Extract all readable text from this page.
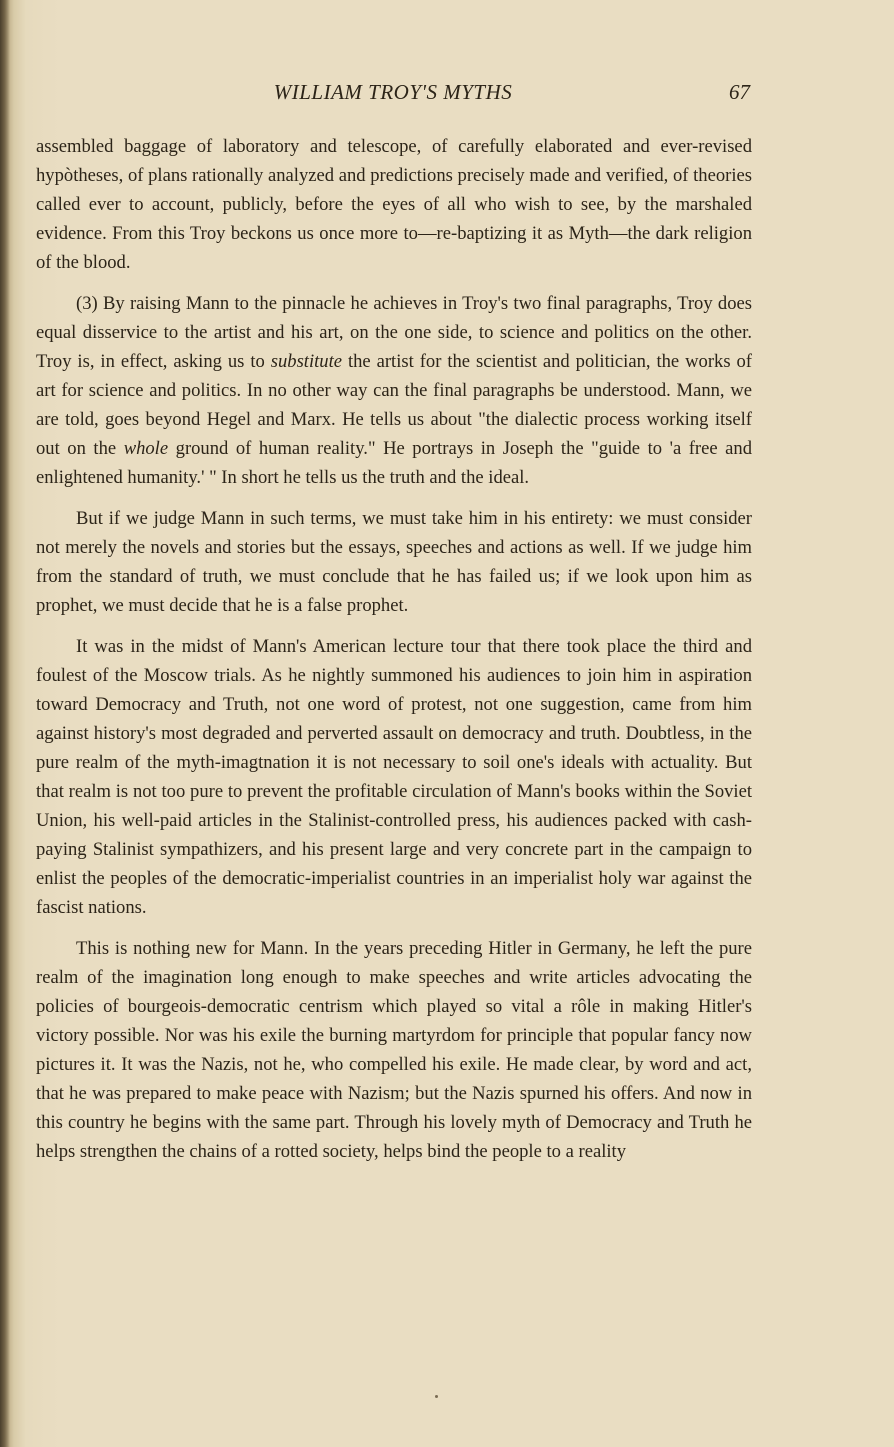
WILLIAM TROY'S MYTHS	67

assembled baggage of laboratory and telescope, of carefully elaborated and ever-revised hypòtheses, of plans rationally analyzed and predictions precisely made and verified, of theories called ever to account, publicly, before the eyes of all who wish to see, by the marshaled evidence. From this Troy beckons us once more to—re-baptizing it as Myth—the dark religion of the blood.

(3) By raising Mann to the pinnacle he achieves in Troy's two final paragraphs, Troy does equal disservice to the artist and his art, on the one side, to science and politics on the other. Troy is, in effect, asking us to substitute the artist for the scientist and politician, the works of art for science and politics. In no other way can the final paragraphs be understood. Mann, we are told, goes beyond Hegel and Marx. He tells us about "the dialectic process working itself out on the whole ground of human reality." He portrays in Joseph the "guide to 'a free and enlightened humanity.' " In short he tells us the truth and the ideal.

But if we judge Mann in such terms, we must take him in his entirety: we must consider not merely the novels and stories but the essays, speeches and actions as well. If we judge him from the standard of truth, we must conclude that he has failed us; if we look upon him as prophet, we must decide that he is a false prophet.

It was in the midst of Mann's American lecture tour that there took place the third and foulest of the Moscow trials. As he nightly summoned his audiences to join him in aspiration toward Democracy and Truth, not one word of protest, not one suggestion, came from him against history's most degraded and perverted assault on democracy and truth. Doubtless, in the pure realm of the myth-imagtnation it is not necessary to soil one's ideals with actuality. But that realm is not too pure to prevent the profitable circulation of Mann's books within the Soviet Union, his well-paid articles in the Stalinist-controlled press, his audiences packed with cash-paying Stalinist sympathizers, and his present large and very concrete part in the campaign to enlist the peoples of the democratic-imperialist countries in an imperialist holy war against the fascist nations.

This is nothing new for Mann. In the years preceding Hitler in Germany, he left the pure realm of the imagination long enough to make speeches and write articles advocating the policies of bourgeois-democratic centrism which played so vital a rôle in making Hitler's victory possible. Nor was his exile the burning martyrdom for principle that popular fancy now pictures it. It was the Nazis, not he, who compelled his exile. He made clear, by word and act, that he was prepared to make peace with Nazism; but the Nazis spurned his offers. And now in this country he begins with the same part. Through his lovely myth of Democracy and Truth he helps strengthen the chains of a rotted society, helps bind the people to a reality
